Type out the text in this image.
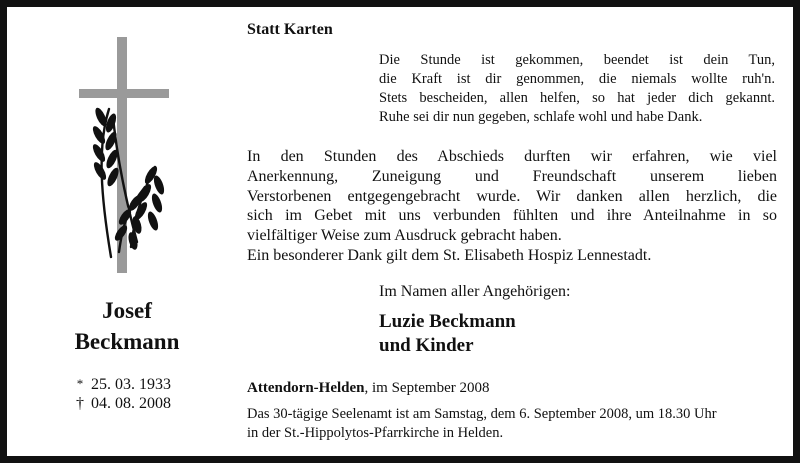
Josef
Beckmann
* 25. 03. 1933
† 04. 08. 2008
Statt Karten
Die Stunde ist gekommen, beendet ist dein Tun,
die Kraft ist dir genommen, die niemals wollte ruh'n.
Stets bescheiden, allen helfen, so hat jeder dich gekannt.
Ruhe sei dir nun gegeben, schlafe wohl und habe Dank.
In den Stunden des Abschieds durften wir erfahren, wie viel
Anerkennung, Zuneigung und Freundschaft unserem lieben
Verstorbenen entgegengebracht wurde. Wir danken allen herzlich, die
sich im Gebet mit uns verbunden fühlten und ihre Anteilnahme in so
vielfältiger Weise zum Ausdruck gebracht haben.
Ein besonderer Dank gilt dem St. Elisabeth Hospiz Lennestadt.
Im Namen aller Angehörigen:
Luzie Beckmann
und Kinder
Attendorn-Helden, im September 2008
Das 30-tägige Seelenamt ist am Samstag, dem 6. September 2008, um 18.30 Uhr
in der St.-Hippolytos-Pfarrkirche in Helden.
